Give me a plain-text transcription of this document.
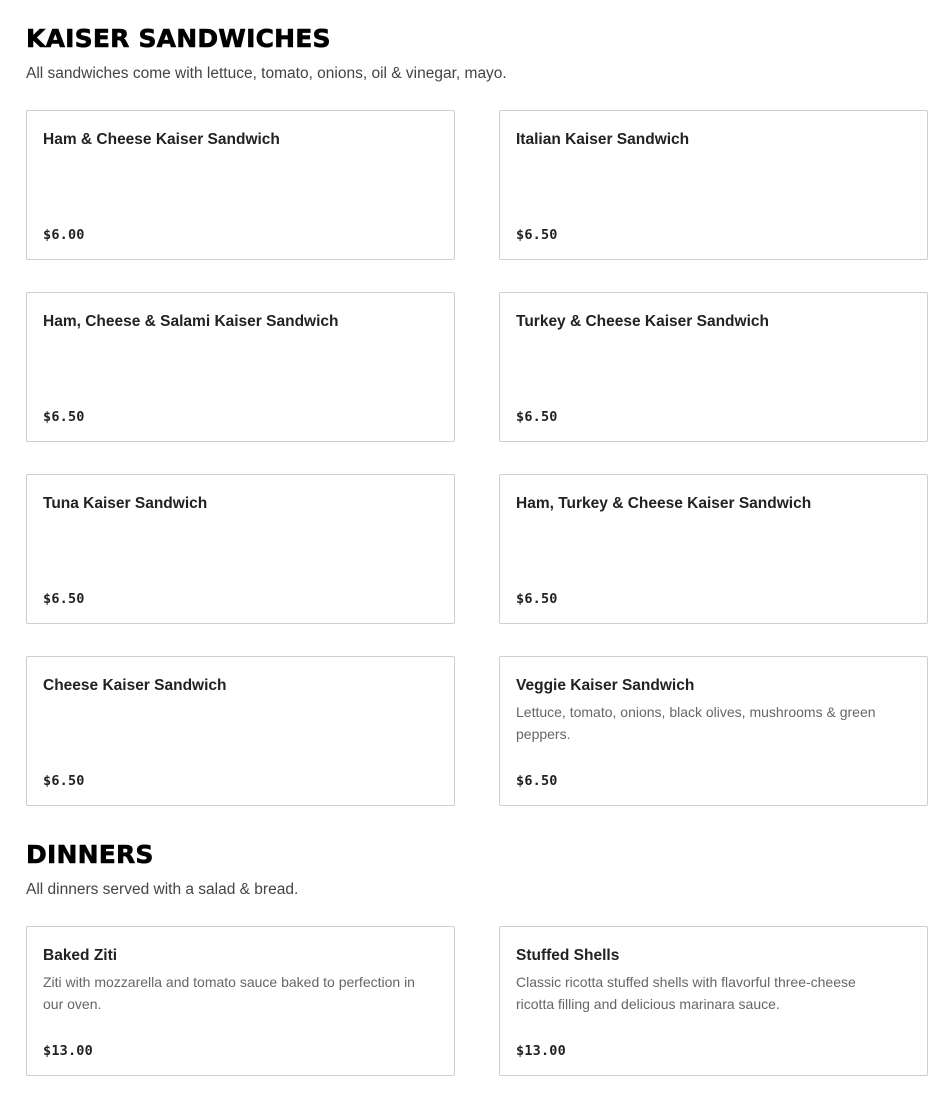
KAISER SANDWICHES

All sandwiches come with lettuce, tomato, onions, oil & vinegar, mayo.

Ham & Cheese Kaiser Sandwich

$6.00

Italian Kaiser Sandwich

$6.50

Ham, Cheese & Salami Kaiser Sandwich

$6.50

Turkey & Cheese Kaiser Sandwich

$6.50

Tuna Kaiser Sandwich

$6.50

Ham, Turkey & Cheese Kaiser Sandwich

$6.50

Cheese Kaiser Sandwich

$6.50

Veggie Kaiser Sandwich

Lettuce, tomato, onions, black olives, mushrooms & green peppers.

$6.50
DINNERS

All dinners served with a salad & bread.

Baked Ziti

Ziti with mozzarella and tomato sauce baked to perfection in our oven.

$13.00

Stuffed Shells

Classic ricotta stuffed shells with flavorful three-cheese ricotta filling and delicious marinara sauce.

$13.00
